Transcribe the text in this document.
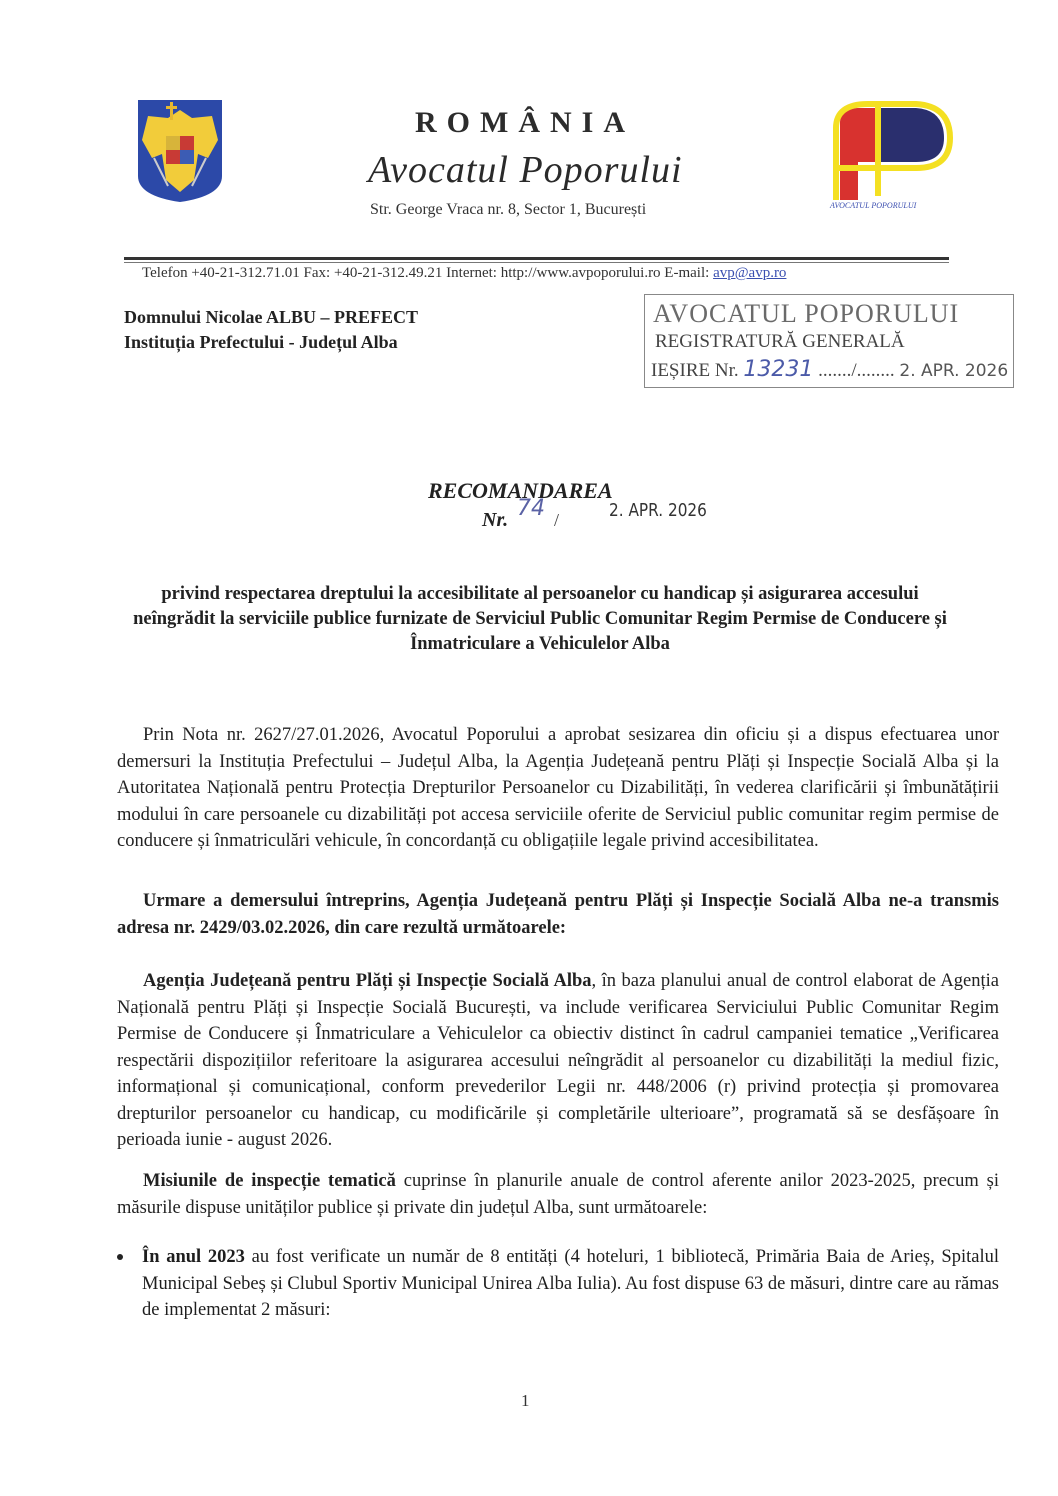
ROMÂNIA
Avocatul Poporului
Str. George Vraca nr. 8, Sector 1, București	AVOCATUL POPORULUI
Telefon +40-21-312.71.01 Fax: +40-21-312.49.21 Internet: http://www.avpoporului.ro E-mail: avp@avp.ro
Domnului Nicolae ALBU – PREFECT
Instituția Prefectului - Județul Alba
AVOCATUL POPORULUI
REGISTRATURĂ GENERALĂ
IEȘIRE Nr. 13231 ......./........ 2. APR. 2026
RECOMANDAREA
Nr. 74 /	2. APR. 2026
privind respectarea dreptului la accesibilitate al persoanelor cu handicap și asigurarea accesului neîngrădit la serviciile publice furnizate de Serviciul Public Comunitar Regim Permise de Conducere și Înmatriculare a Vehiculelor Alba
Prin Nota nr. 2627/27.01.2026, Avocatul Poporului a aprobat sesizarea din oficiu și a dispus efectuarea unor demersuri la Instituția Prefectului – Județul Alba, la Agenția Județeană pentru Plăți și Inspecție Socială Alba și la Autoritatea Națională pentru Protecția Drepturilor Persoanelor cu Dizabilități, în vederea clarificării și îmbunătățirii modului în care persoanele cu dizabilități pot accesa serviciile oferite de Serviciul public comunitar regim permise de conducere și înmatriculări vehicule, în concordanță cu obligațiile legale privind accesibilitatea.
Urmare a demersului întreprins, Agenția Județeană pentru Plăți și Inspecție Socială Alba ne-a transmis adresa nr. 2429/03.02.2026, din care rezultă următoarele:
Agenția Județeană pentru Plăți și Inspecție Socială Alba, în baza planului anual de control elaborat de Agenția Națională pentru Plăți și Inspecție Socială București, va include verificarea Serviciului Public Comunitar Regim Permise de Conducere și Înmatriculare a Vehiculelor ca obiectiv distinct în cadrul campaniei tematice „Verificarea respectării dispozițiilor referitoare la asigurarea accesului neîngrădit al persoanelor cu dizabilități la mediul fizic, informațional și comunicațional, conform prevederilor Legii nr. 448/2006 (r) privind protecția și promovarea drepturilor persoanelor cu handicap, cu modificările și completările ulterioare”, programată să se desfășoare în perioada iunie - august 2026.
Misiunile de inspecție tematică cuprinse în planurile anuale de control aferente anilor 2023-2025, precum și măsurile dispuse unităților publice și private din județul Alba, sunt următoarele:
În anul 2023 au fost verificate un număr de 8 entități (4 hoteluri, 1 bibliotecă, Primăria Baia de Arieș, Spitalul Municipal Sebeș și Clubul Sportiv Municipal Unirea Alba Iulia). Au fost dispuse 63 de măsuri, dintre care au rămas de implementat 2 măsuri:
1
